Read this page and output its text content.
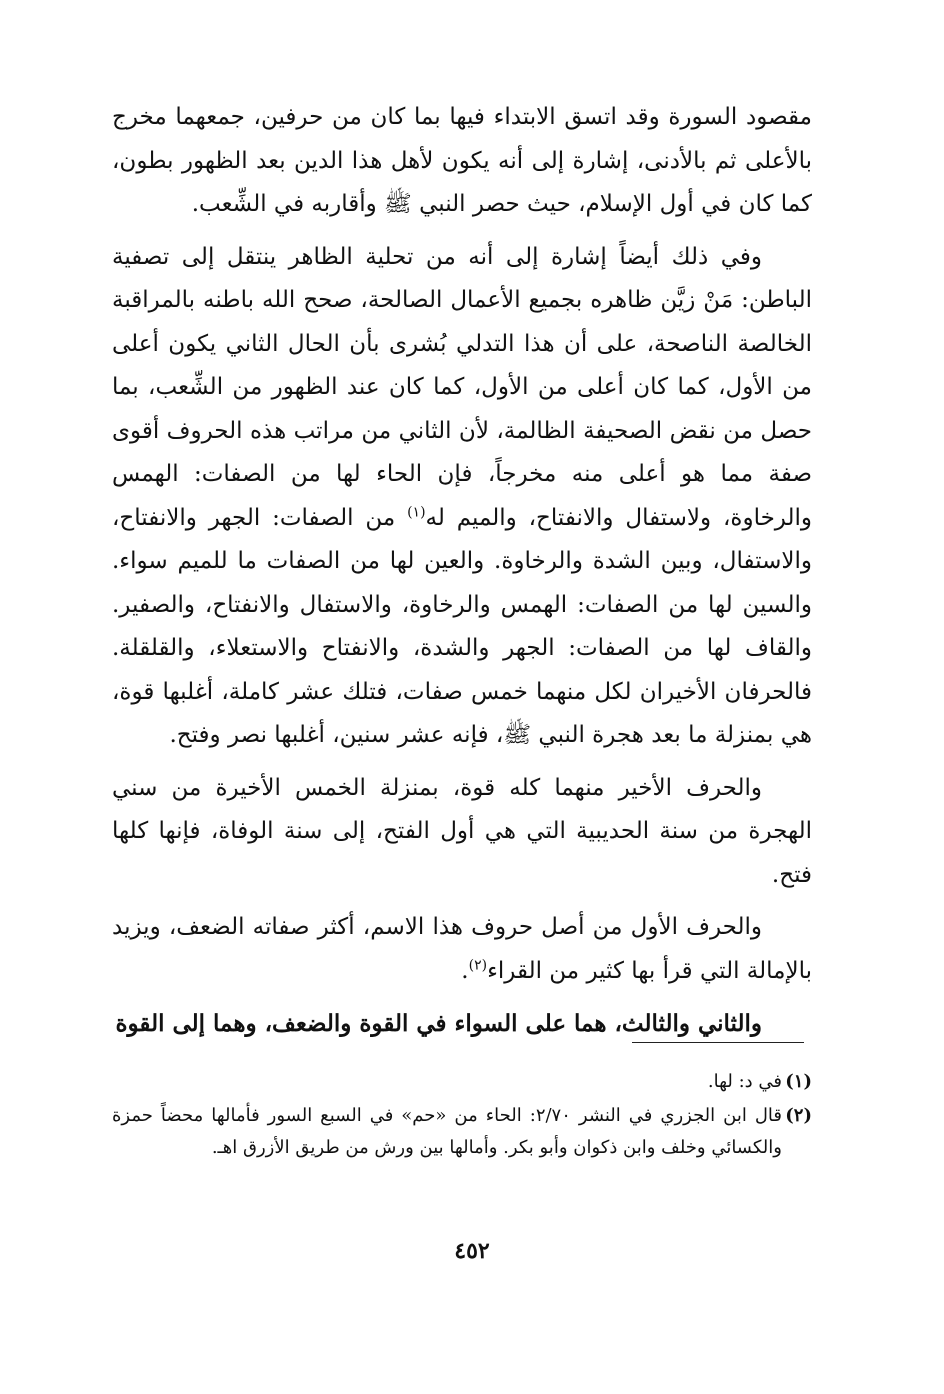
مقصود السورة وقد اتسق الابتداء فيها بما كان من حرفين، جمعهما مخرج بالأعلى ثم بالأدنى، إشارة إلى أنه يكون لأهل هذا الدين بعد الظهور بطون، كما كان في أول الإسلام، حيث حصر النبي ﷺ وأقاربه في الشِّعب.

وفي ذلك أيضاً إشارة إلى أنه من تحلية الظاهر ينتقل إلى تصفية الباطن: مَنْ زيَّن ظاهره بجميع الأعمال الصالحة، صحح الله باطنه بالمراقبة الخالصة الناصحة، على أن هذا التدلي بُشرى بأن الحال الثاني يكون أعلى من الأول، كما كان أعلى من الأول، كما كان عند الظهور من الشِّعب، بما حصل من نقض الصحيفة الظالمة، لأن الثاني من مراتب هذه الحروف أقوى صفة مما هو أعلى منه مخرجاً، فإن الحاء لها من الصفات: الهمس والرخاوة، ولاستفال والانفتاح، والميم له$^{(١)}$ من الصفات: الجهر والانفتاح، والاستفال، وبين الشدة والرخاوة. والعين لها من الصفات ما للميم سواء. والسين لها من الصفات: الهمس والرخاوة، والاستفال والانفتاح، والصفير. والقاف لها من الصفات: الجهر والشدة، والانفتاح والاستعلاء، والقلقلة. فالحرفان الأخيران لكل منهما خمس صفات، فتلك عشر كاملة، أغلبها قوة، هي بمنزلة ما بعد هجرة النبي ﷺ، فإنه عشر سنين، أغلبها نصر وفتح.

والحرف الأخير منهما كله قوة، بمنزلة الخمس الأخيرة من سني الهجرة من سنة الحديبية التي هي أول الفتح، إلى سنة الوفاة، فإنها كلها فتح.

والحرف الأول من أصل حروف هذا الاسم، أكثر صفاته الضعف، ويزيد بالإمالة التي قرأ بها كثير من القراء$^{(٢)}$.

والثاني والثالث، هما على السواء في القوة والضعف، وهما إلى القوة

(١)
في د: لها.
(٢)
قال ابن الجزري في النشر ٢/٧٠: الحاء من «حم» في السبع السور فأمالها محضاً حمزة والكسائي وخلف وابن ذكوان وأبو بكر. وأمالها بين ورش من طريق الأزرق اهـ.
٤٥٢
